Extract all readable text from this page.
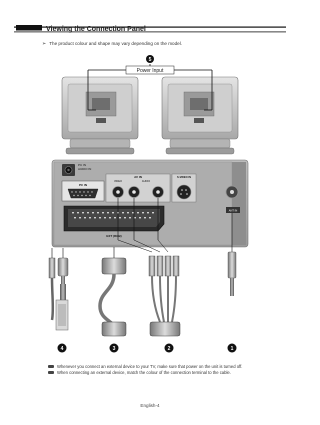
Viewing the Connection Panel
➢ The product colour and shape may vary depending on the model.
Power Input
5
PC IN
AUDIO IN
PC IN
AV IN
VIDEO	AUDIO
S-VIDEO IN
EXT (RGB)
ANT IN
4	3	2	1
Whenever you connect an external device to your TV, make sure that power on the unit is turned off.
When connecting an external device, match the colour of the connection terminal to the cable.
English-4
